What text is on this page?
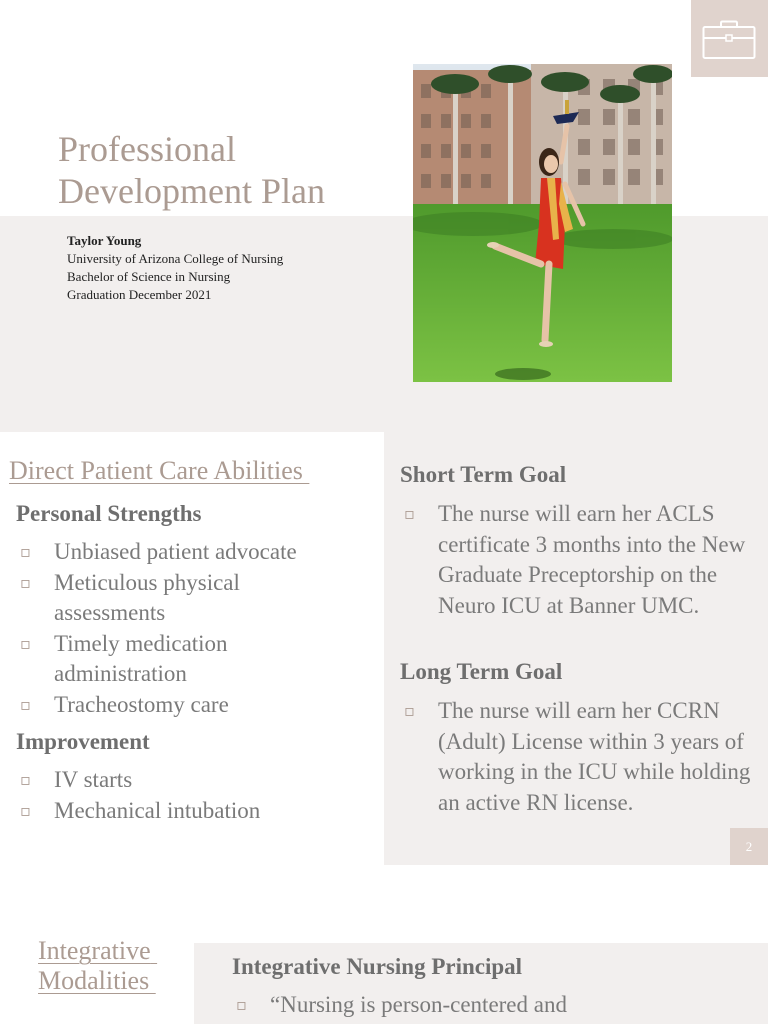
Professional Development Plan
Taylor Young
University of Arizona College of Nursing
Bachelor of Science in Nursing
Graduation December 2021
Direct Patient Care Abilities
Personal Strengths
▫ Unbiased patient advocate
▫ Meticulous physical assessments
▫ Timely medication administration
▫ Tracheostomy care
Improvement
▫ IV starts
▫ Mechanical intubation
Short Term Goal
▫ The nurse will earn her ACLS certificate 3 months into the New Graduate Preceptorship on the Neuro ICU at Banner UMC.
Long Term Goal
▫ The nurse will earn her CCRN (Adult) License within 3 years of working in the ICU while holding an active RN license.
2
Integrative Modalities	Integrative Nursing Principal
▫ “Nursing is person-centered and
